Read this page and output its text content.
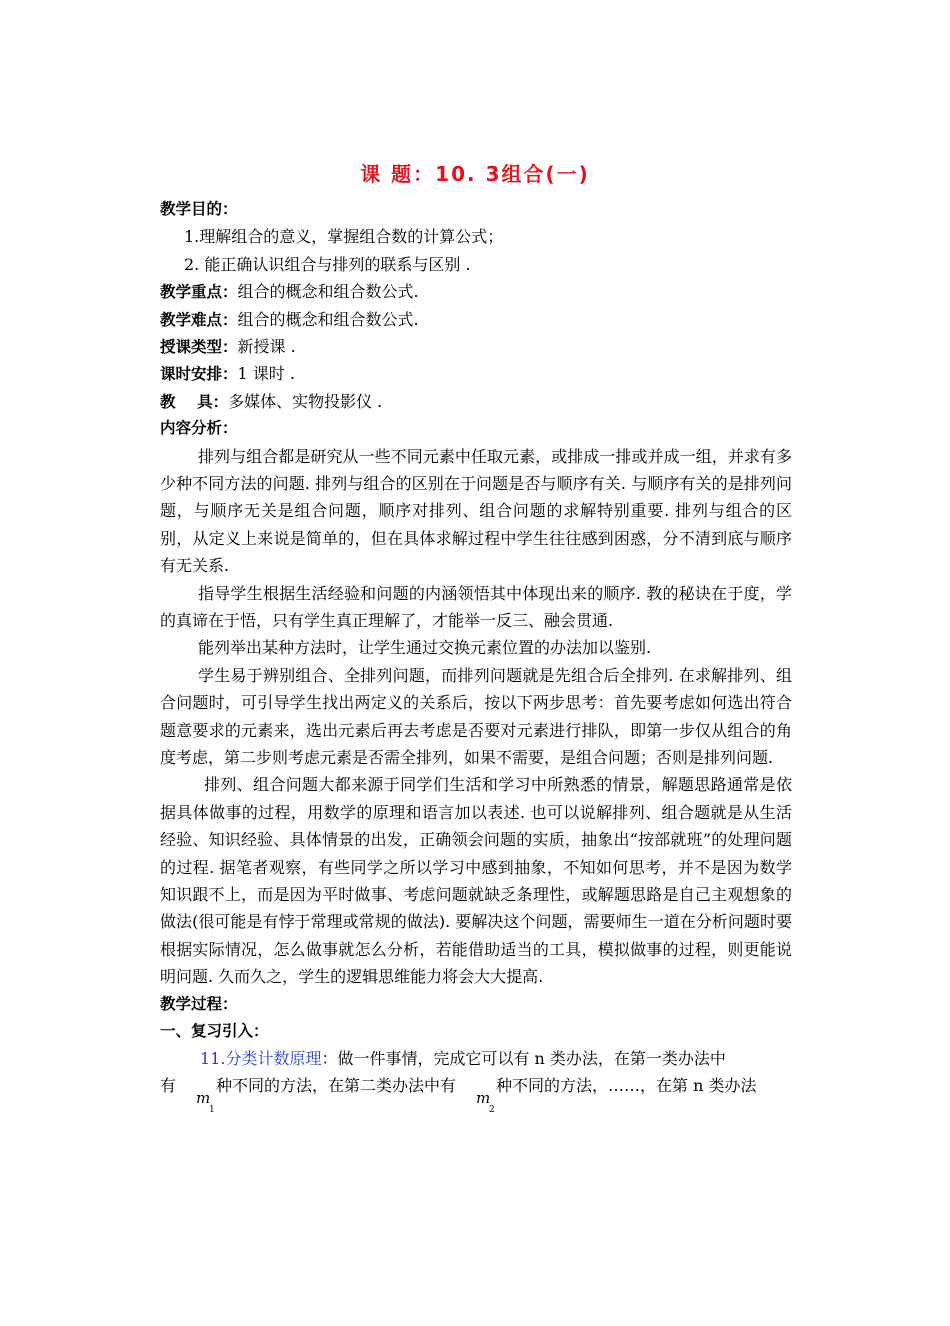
课 题：10. 3组合(一)
教学目的：
1.理解组合的意义，掌握组合数的计算公式；
2. 能正确认识组合与排列的联系与区别 .
教学重点：组合的概念和组合数公式.
教学难点：组合的概念和组合数公式.
授课类型：新授课 .
课时安排：1 课时 .
教    具：多媒体、实物投影仪 .
内容分析：

排列与组合都是研究从一些不同元素中任取元素，或排成一排或并成一组，并求有多少种不同方法的问题. 排列与组合的区别在于问题是否与顺序有关. 与顺序有关的是排列问题，与顺序无关是组合问题，顺序对排列、组合问题的求解特别重要. 排列与组合的区别，从定义上来说是简单的，但在具体求解过程中学生往往感到困惑，分不清到底与顺序有无关系.

指导学生根据生活经验和问题的内涵领悟其中体现出来的顺序. 教的秘诀在于度，学的真谛在于悟，只有学生真正理解了，才能举一反三、融会贯通.

能列举出某种方法时，让学生通过交换元素位置的办法加以鉴别.

学生易于辨别组合、全排列问题，而排列问题就是先组合后全排列. 在求解排列、组合问题时，可引导学生找出两定义的关系后，按以下两步思考：首先要考虑如何选出符合题意要求的元素来，选出元素后再去考虑是否要对元素进行排队，即第一步仅从组合的角度考虑，第二步则考虑元素是否需全排列，如果不需要，是组合问题；否则是排列问题.

排列、组合问题大都来源于同学们生活和学习中所熟悉的情景，解题思路通常是依据具体做事的过程，用数学的原理和语言加以表述. 也可以说解排列、组合题就是从生活经验、知识经验、具体情景的出发，正确领会问题的实质，抽象出“按部就班”的处理问题的过程. 据笔者观察，有些同学之所以学习中感到抽象，不知如何思考，并不是因为数学知识跟不上，而是因为平时做事、考虑问题就缺乏条理性，或解题思路是自己主观想象的做法(很可能是有悖于常理或常规的做法). 要解决这个问题，需要师生一道在分析问题时要根据实际情况，怎么做事就怎么分析，若能借助适当的工具，模拟做事的过程，则更能说明问题. 久而久之，学生的逻辑思维能力将会大大提高.

教学过程：
一、复习引入：
11.分类计数原理：做一件事情，完成它可以有 n 类办法，在第一类办法中
有
m
1
种不同的方法，在第二类办法中有
m
2
种不同的方法，……，在第 n 类办法
